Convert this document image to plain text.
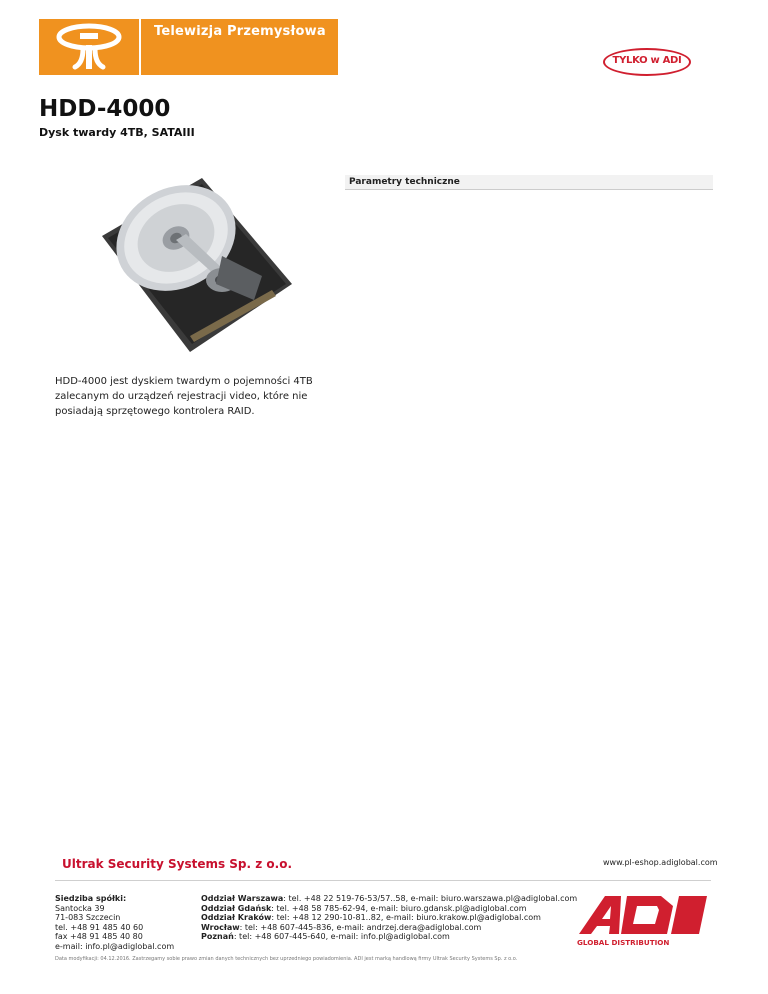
Telewizja Przemysłowa
TYLKO w ADI
HDD-4000
Dysk twardy 4TB, SATAIII
Parametry techniczne
HDD-4000 jest dyskiem twardym o pojemności 4TB zalecanym do urządzeń rejestracji video, które nie posiadają sprzętowego kontrolera RAID.
Ultrak Security Systems Sp. z o.o.	www.pl-eshop.adiglobal.com
Siedziba spółki:
Santocka 39
71-083 Szczecin
tel. +48 91 485 40 60
fax +48 91 485 40 80
e-mail: info.pl@adiglobal.com
Oddział Warszawa: tel. +48 22 519-76-53/57..58, e-mail: biuro.warszawa.pl@adiglobal.com
Oddział Gdańsk: tel. +48 58 785-62-94, e-mail: biuro.gdansk.pl@adiglobal.com
Oddział Kraków: tel: +48 12 290-10-81..82, e-mail: biuro.krakow.pl@adiglobal.com
Wrocław: tel: +48 607-445-836, e-mail: andrzej.dera@adiglobal.com
Poznań: tel: +48 607-445-640, e-mail: info.pl@adiglobal.com
GLOBAL DISTRIBUTION
Data modyfikacji: 04.12.2016. Zastrzegamy sobie prawo zmian danych technicznych bez uprzedniego powiadomienia. ADI jest marką handlową firmy Ultrak Security Systems Sp. z o.o.
